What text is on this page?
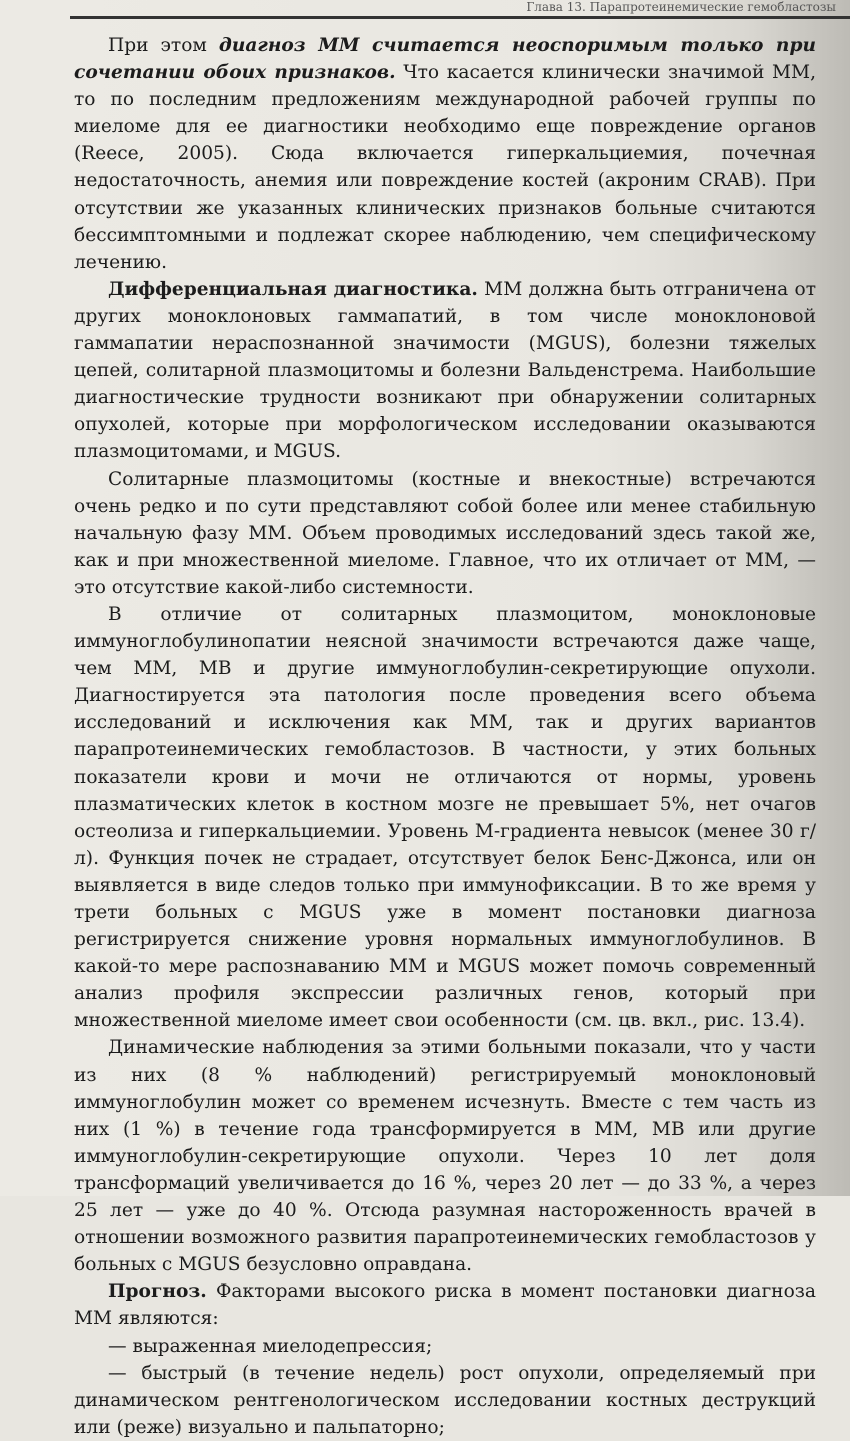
Глава 13. Парапротеинемические гемобластозы

При этом диагноз ММ считается неоспоримым только при сочетании обоих признаков. Что касается клинически значимой ММ, то по последним предложениям международной рабочей группы по миеломе для ее диагностики необходимо еще повреждение органов (Reece, 2005). Сюда включается гиперкальциемия, почечная недостаточность, анемия или повреждение костей (акроним CRAB). При отсутствии же указанных клинических признаков больные считаются бессимптомными и подлежат скорее наблюдению, чем специфическому лечению.

Дифференциальная диагностика. ММ должна быть отграничена от других моноклоновых гаммапатий, в том числе моноклоновой гаммапатии нераспознанной значимости (MGUS), болезни тяжелых цепей, солитарной плазмоцитомы и болезни Вальденстрема. Наибольшие диагностические трудности возникают при обнаружении солитарных опухолей, которые при морфологическом исследовании оказываются плазмоцитомами, и MGUS.

Солитарные плазмоцитомы (костные и внекостные) встречаются очень редко и по сути представляют собой более или менее стабильную начальную фазу ММ. Объем проводимых исследований здесь такой же, как и при множественной миеломе. Главное, что их отличает от ММ, — это отсутствие какой-либо системности.

В отличие от солитарных плазмоцитом, моноклоновые иммуноглобулинопатии неясной значимости встречаются даже чаще, чем ММ, МВ и другие иммуноглобулин-секретирующие опухоли. Диагностируется эта патология после проведения всего объема исследований и исключения как ММ, так и других вариантов парапротеинемических гемобластозов. В частности, у этих больных показатели крови и мочи не отличаются от нормы, уровень плазматических клеток в костном мозге не превышает 5%, нет очагов остеолиза и гиперкальциемии. Уровень М-градиента невысок (менее 30 г/л). Функция почек не страдает, отсутствует белок Бенс-Джонса, или он выявляется в виде следов только при иммунофиксации. В то же время у трети больных с MGUS уже в момент постановки диагноза регистрируется снижение уровня нормальных иммуноглобулинов. В какой-то мере распознаванию ММ и MGUS может помочь современный анализ профиля экспрессии различных генов, который при множественной миеломе имеет свои особенности (см. цв. вкл., рис. 13.4).

Динамические наблюдения за этими больными показали, что у части из них (8 % наблюдений) регистрируемый моноклоновый иммуноглобулин может со временем исчезнуть. Вместе с тем часть из них (1 %) в течение года трансформируется в ММ, МВ или другие иммуноглобулин-секретирующие опухоли. Через 10 лет доля трансформаций увеличивается до 16 %, через 20 лет — до 33 %, а через 25 лет — уже до 40 %. Отсюда разумная настороженность врачей в отношении возможного развития парапротеинемических гемобластозов у больных с MGUS безусловно оправдана.

Прогноз. Факторами высокого риска в момент постановки диагноза ММ являются:

— выраженная миелодепрессия;

— быстрый (в течение недель) рост опухоли, определяемый при динамическом рентгенологическом исследовании костных деструкций или (реже) визуально и пальпаторно;
